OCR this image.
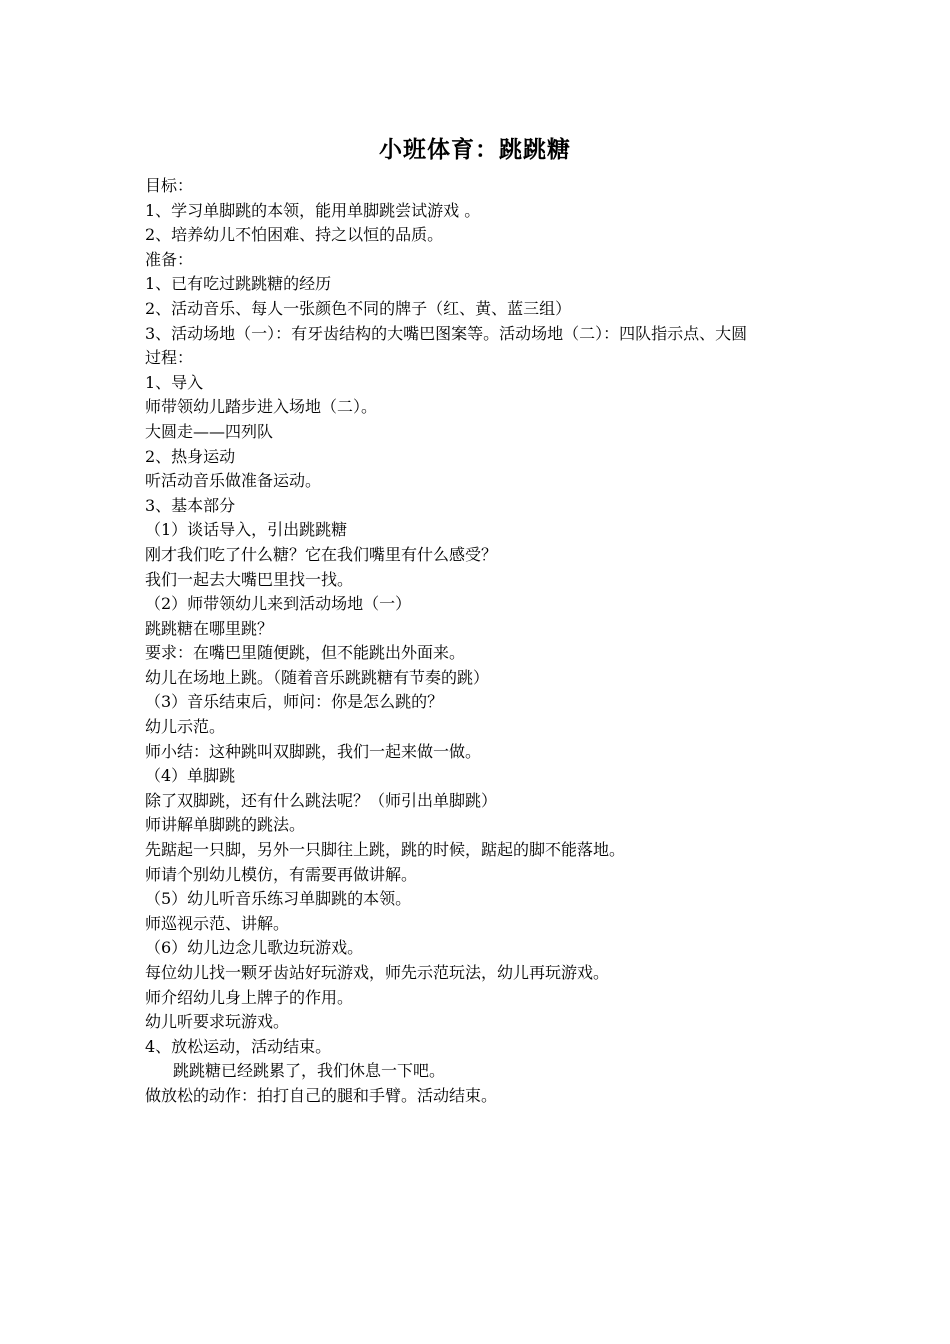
小班体育：跳跳糖
目标：
1、学习单脚跳的本领，能用单脚跳尝试游戏 。
2、培养幼儿不怕困难、持之以恒的品质。
准备：
1、已有吃过跳跳糖的经历
2、活动音乐、每人一张颜色不同的牌子（红、黄、蓝三组）
3、活动场地（一）：有牙齿结构的大嘴巴图案等。活动场地（二）：四队指示点、大圆
过程：
1、导入
师带领幼儿踏步进入场地（二）。
大圆走——四列队
2、热身运动
听活动音乐做准备运动。
3、基本部分
（1）谈话导入，引出跳跳糖
刚才我们吃了什么糖？它在我们嘴里有什么感受？
我们一起去大嘴巴里找一找。
（2）师带领幼儿来到活动场地（一）
跳跳糖在哪里跳？
要求：在嘴巴里随便跳，但不能跳出外面来。
幼儿在场地上跳。（随着音乐跳跳糖有节奏的跳）
（3）音乐结束后，师问：你是怎么跳的？
幼儿示范。
师小结：这种跳叫双脚跳，我们一起来做一做。
（4）单脚跳
除了双脚跳，还有什么跳法呢？（师引出单脚跳）
师讲解单脚跳的跳法。
先踮起一只脚，另外一只脚往上跳，跳的时候，踮起的脚不能落地。
师请个别幼儿模仿，有需要再做讲解。
（5）幼儿听音乐练习单脚跳的本领。
师巡视示范、讲解。
（6）幼儿边念儿歌边玩游戏。
每位幼儿找一颗牙齿站好玩游戏，师先示范玩法，幼儿再玩游戏。
师介绍幼儿身上牌子的作用。
幼儿听要求玩游戏。
4、放松运动，活动结束。
跳跳糖已经跳累了，我们休息一下吧。
做放松的动作：拍打自己的腿和手臂。活动结束。
